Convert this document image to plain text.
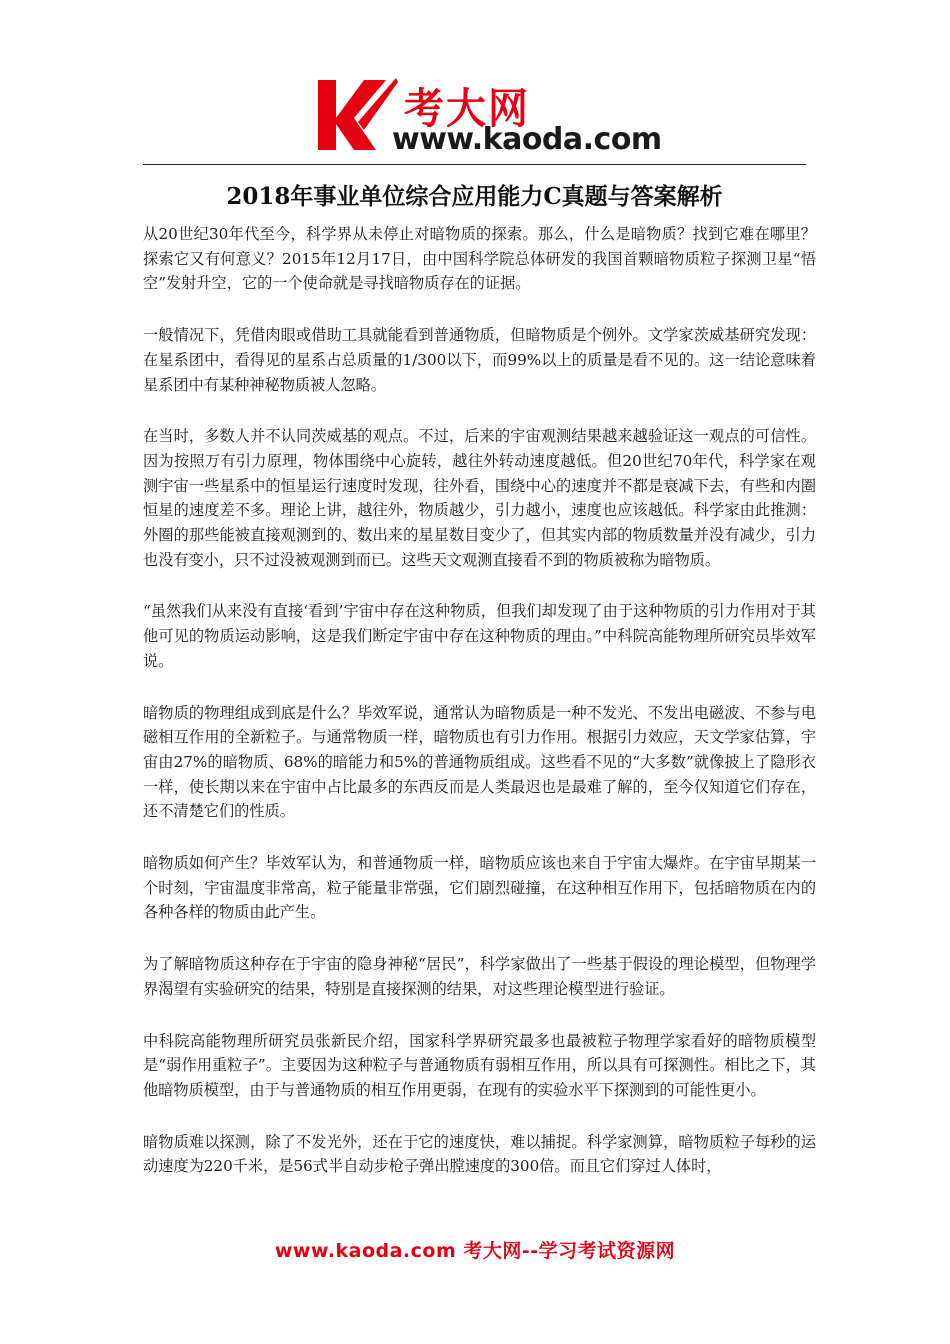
考大网
www.kaoda.com
2018年事业单位综合应用能力C真题与答案解析

从20世纪30年代至今，科学界从未停止对暗物质的探索。那么，什么是暗物质？找到它难在哪里？探索它又有何意义？2015年12月17日，由中国科学院总体研发的我国首颗暗物质粒子探测卫星“悟空”发射升空，它的一个使命就是寻找暗物质存在的证据。

一般情况下，凭借肉眼或借助工具就能看到普通物质，但暗物质是个例外。文学家茨威基研究发现：在星系团中，看得见的星系占总质量的1/300以下，而99%以上的质量是看不见的。这一结论意味着星系团中有某种神秘物质被人忽略。

在当时，多数人并不认同茨威基的观点。不过，后来的宇宙观测结果越来越验证这一观点的可信性。因为按照万有引力原理，物体围绕中心旋转，越往外转动速度越低。但20世纪70年代，科学家在观测宇宙一些星系中的恒星运行速度时发现，往外看，围绕中心的速度并不都是衰减下去，有些和内圈恒星的速度差不多。理论上讲，越往外，物质越少，引力越小，速度也应该越低。科学家由此推测：外圈的那些能被直接观测到的、数出来的星星数目变少了，但其实内部的物质数量并没有减少，引力也没有变小，只不过没被观测到而已。这些天文观测直接看不到的物质被称为暗物质。

“虽然我们从来没有直接‘看到’宇宙中存在这种物质，但我们却发现了由于这种物质的引力作用对于其他可见的物质运动影响，这是我们断定宇宙中存在这种物质的理由。”中科院高能物理所研究员毕效军说。

暗物质的物理组成到底是什么？毕效军说，通常认为暗物质是一种不发光、不发出电磁波、不参与电磁相互作用的全新粒子。与通常物质一样，暗物质也有引力作用。根据引力效应，天文学家估算，宇宙由27%的暗物质、68%的暗能力和5%的普通物质组成。这些看不见的“大多数”就像披上了隐形衣一样，使长期以来在宇宙中占比最多的东西反而是人类最迟也是最难了解的，至今仅知道它们存在，还不清楚它们的性质。

暗物质如何产生？毕效军认为，和普通物质一样，暗物质应该也来自于宇宙大爆炸。在宇宙早期某一个时刻，宇宙温度非常高，粒子能量非常强，它们剧烈碰撞，在这种相互作用下，包括暗物质在内的各种各样的物质由此产生。

为了解暗物质这种存在于宇宙的隐身神秘“居民”，科学家做出了一些基于假设的理论模型，但物理学界渴望有实验研究的结果，特别是直接探测的结果，对这些理论模型进行验证。

中科院高能物理所研究员张新民介绍，国家科学界研究最多也最被粒子物理学家看好的暗物质模型是“弱作用重粒子”。主要因为这种粒子与普通物质有弱相互作用，所以具有可探测性。相比之下，其他暗物质模型，由于与普通物质的相互作用更弱，在现有的实验水平下探测到的可能性更小。

暗物质难以探测，除了不发光外，还在于它的速度快，难以捕捉。科学家测算，暗物质粒子每秒的运动速度为220千米，是56式半自动步枪子弹出膛速度的300倍。而且它们穿过人体时，

www.kaoda.com 考大网--学习考试资源网
